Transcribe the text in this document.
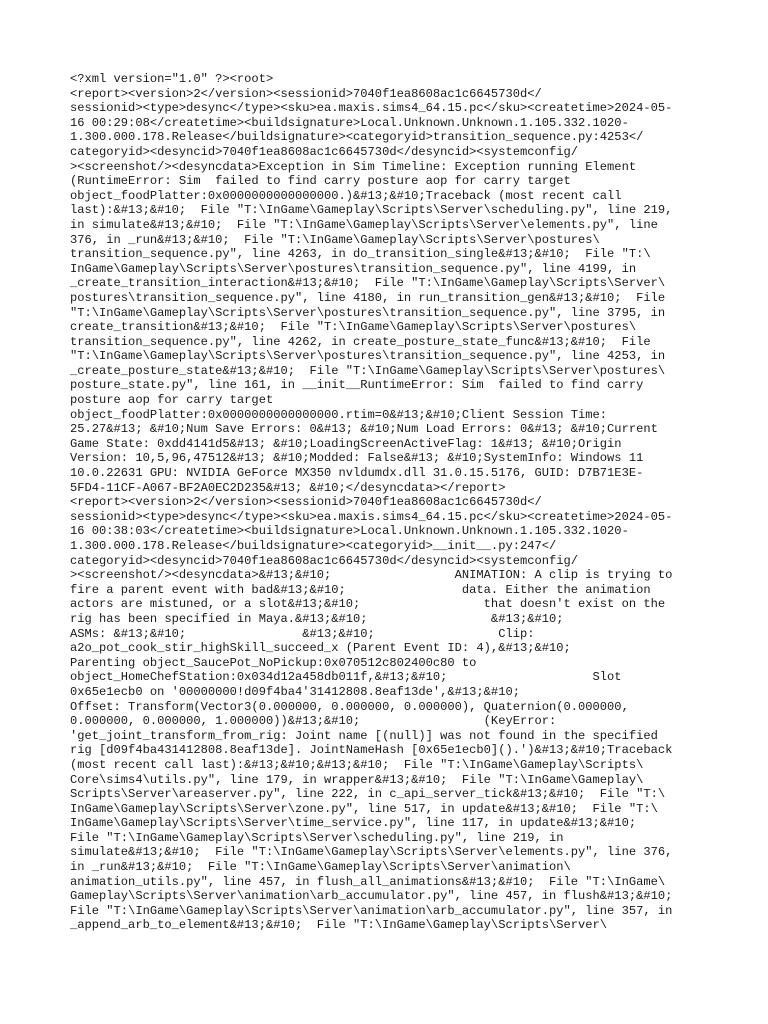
<?xml version="1.0" ?><root>
<report><version>2</version><sessionid>7040f1ea8608ac1c6645730d</
sessionid><type>desync</type><sku>ea.maxis.sims4_64.15.pc</sku><createtime>2024-05-
16 00:29:08</createtime><buildsignature>Local.Unknown.Unknown.1.105.332.1020-
1.300.000.178.Release</buildsignature><categoryid>transition_sequence.py:4253</
categoryid><desyncid>7040f1ea8608ac1c6645730d</desyncid><systemconfig/
><screenshot/><desyncdata>Exception in Sim Timeline: Exception running Element
(RuntimeError: Sim  failed to find carry posture aop for carry target
object_foodPlatter:0x0000000000000000.)&#13;&#10;Traceback (most recent call
last):&#13;&#10;  File "T:\InGame\Gameplay\Scripts\Server\scheduling.py", line 219,
in simulate&#13;&#10;  File "T:\InGame\Gameplay\Scripts\Server\elements.py", line
376, in _run&#13;&#10;  File "T:\InGame\Gameplay\Scripts\Server\postures\
transition_sequence.py", line 4263, in do_transition_single&#13;&#10;  File "T:\
InGame\Gameplay\Scripts\Server\postures\transition_sequence.py", line 4199, in
_create_transition_interaction&#13;&#10;  File "T:\InGame\Gameplay\Scripts\Server\
postures\transition_sequence.py", line 4180, in run_transition_gen&#13;&#10;  File
"T:\InGame\Gameplay\Scripts\Server\postures\transition_sequence.py", line 3795, in
create_transition&#13;&#10;  File "T:\InGame\Gameplay\Scripts\Server\postures\
transition_sequence.py", line 4262, in create_posture_state_func&#13;&#10;  File
"T:\InGame\Gameplay\Scripts\Server\postures\transition_sequence.py", line 4253, in
_create_posture_state&#13;&#10;  File "T:\InGame\Gameplay\Scripts\Server\postures\
posture_state.py", line 161, in __init__RuntimeError: Sim  failed to find carry
posture aop for carry target
object_foodPlatter:0x0000000000000000.rtim=0&#13;&#10;Client Session Time:
25.27&#13; &#10;Num Save Errors: 0&#13; &#10;Num Load Errors: 0&#13; &#10;Current
Game State: 0xdd4141d5&#13; &#10;LoadingScreenActiveFlag: 1&#13; &#10;Origin
Version: 10,5,96,47512&#13; &#10;Modded: False&#13; &#10;SystemInfo: Windows 11
10.0.22631 GPU: NVIDIA GeForce MX350 nvldumdx.dll 31.0.15.5176, GUID: D7B71E3E-
5FD4-11CF-A067-BF2A0EC2D235&#13; &#10;</desyncdata></report>
<report><version>2</version><sessionid>7040f1ea8608ac1c6645730d</
sessionid><type>desync</type><sku>ea.maxis.sims4_64.15.pc</sku><createtime>2024-05-
16 00:38:03</createtime><buildsignature>Local.Unknown.Unknown.1.105.332.1020-
1.300.000.178.Release</buildsignature><categoryid>__init__.py:247</
categoryid><desyncid>7040f1ea8608ac1c6645730d</desyncid><systemconfig/
><screenshot/><desyncdata>&#13;&#10;                 ANIMATION: A clip is trying to
fire a parent event with bad&#13;&#10;                data. Either the animation
actors are mistuned, or a slot&#13;&#10;                 that doesn't exist on the
rig has been specified in Maya.&#13;&#10;                 &#13;&#10;
ASMs: &#13;&#10;                &#13;&#10;                 Clip:
a2o_pot_cook_stir_highSkill_succeed_x (Parent Event ID: 4),&#13;&#10;
Parenting object_SaucePot_NoPickup:0x070512c802400c80 to
object_HomeChefStation:0x034d12a458db011f,&#13;&#10;                    Slot
0x65e1ecb0 on '00000000!d09f4ba4'31412808.8eaf13de',&#13;&#10;
Offset: Transform(Vector3(0.000000, 0.000000, 0.000000), Quaternion(0.000000,
0.000000, 0.000000, 1.000000))&#13;&#10;                 (KeyError:
'get_joint_transform_from_rig: Joint name [(null)] was not found in the specified
rig [d09f4ba431412808.8eaf13de]. JointNameHash [0x65e1ecb0]().')&#13;&#10;Traceback
(most recent call last):&#13;&#10;&#13;&#10;  File "T:\InGame\Gameplay\Scripts\
Core\sims4\utils.py", line 179, in wrapper&#13;&#10;  File "T:\InGame\Gameplay\
Scripts\Server\areaserver.py", line 222, in c_api_server_tick&#13;&#10;  File "T:\
InGame\Gameplay\Scripts\Server\zone.py", line 517, in update&#13;&#10;  File "T:\
InGame\Gameplay\Scripts\Server\time_service.py", line 117, in update&#13;&#10;
File "T:\InGame\Gameplay\Scripts\Server\scheduling.py", line 219, in
simulate&#13;&#10;  File "T:\InGame\Gameplay\Scripts\Server\elements.py", line 376,
in _run&#13;&#10;  File "T:\InGame\Gameplay\Scripts\Server\animation\
animation_utils.py", line 457, in flush_all_animations&#13;&#10;  File "T:\InGame\
Gameplay\Scripts\Server\animation\arb_accumulator.py", line 457, in flush&#13;&#10;
File "T:\InGame\Gameplay\Scripts\Server\animation\arb_accumulator.py", line 357, in
_append_arb_to_element&#13;&#10;  File "T:\InGame\Gameplay\Scripts\Server\
